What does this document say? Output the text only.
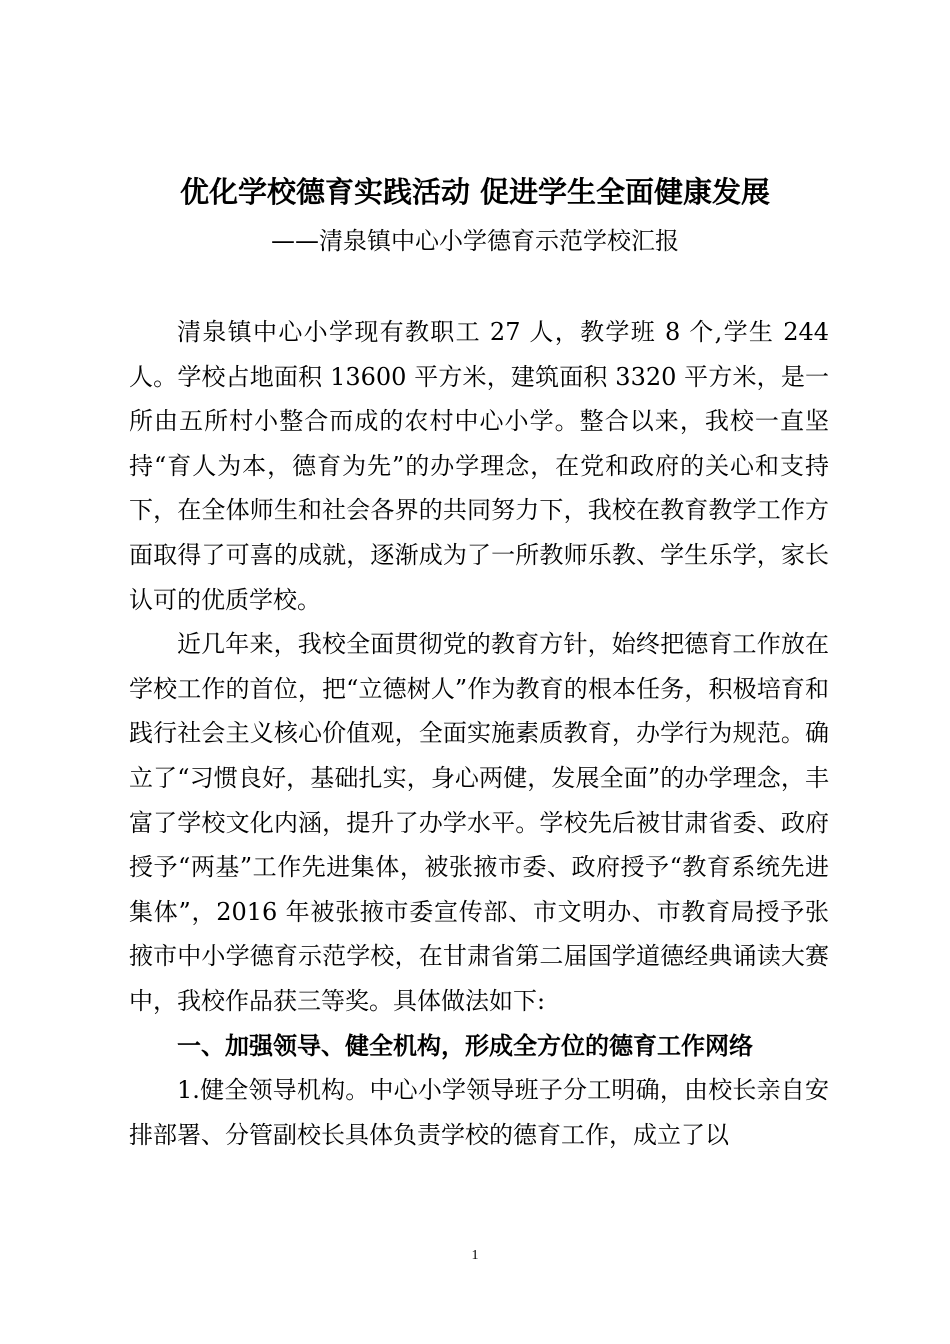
优化学校德育实践活动 促进学生全面健康发展
——清泉镇中心小学德育示范学校汇报

清泉镇中心小学现有教职工 27 人，教学班 8 个,学生 244 人。学校占地面积 13600 平方米，建筑面积 3320 平方米，是一所由五所村小整合而成的农村中心小学。整合以来，我校一直坚持“育人为本，德育为先”的办学理念，在党和政府的关心和支持下，在全体师生和社会各界的共同努力下，我校在教育教学工作方面取得了可喜的成就，逐渐成为了一所教师乐教、学生乐学，家长认可的优质学校。

近几年来，我校全面贯彻党的教育方针，始终把德育工作放在学校工作的首位，把“立德树人”作为教育的根本任务，积极培育和践行社会主义核心价值观，全面实施素质教育，办学行为规范。确立了“习惯良好，基础扎实，身心两健，发展全面”的办学理念，丰富了学校文化内涵，提升了办学水平。学校先后被甘肃省委、政府授予“两基”工作先进集体，被张掖市委、政府授予“教育系统先进集体”，2016 年被张掖市委宣传部、市文明办、市教育局授予张掖市中小学德育示范学校，在甘肃省第二届国学道德经典诵读大赛中，我校作品获三等奖。具体做法如下:

一、加强领导、健全机构，形成全方位的德育工作网络

1.健全领导机构。中心小学领导班子分工明确，由校长亲自安排部署、分管副校长具体负责学校的德育工作，成立了以

1
